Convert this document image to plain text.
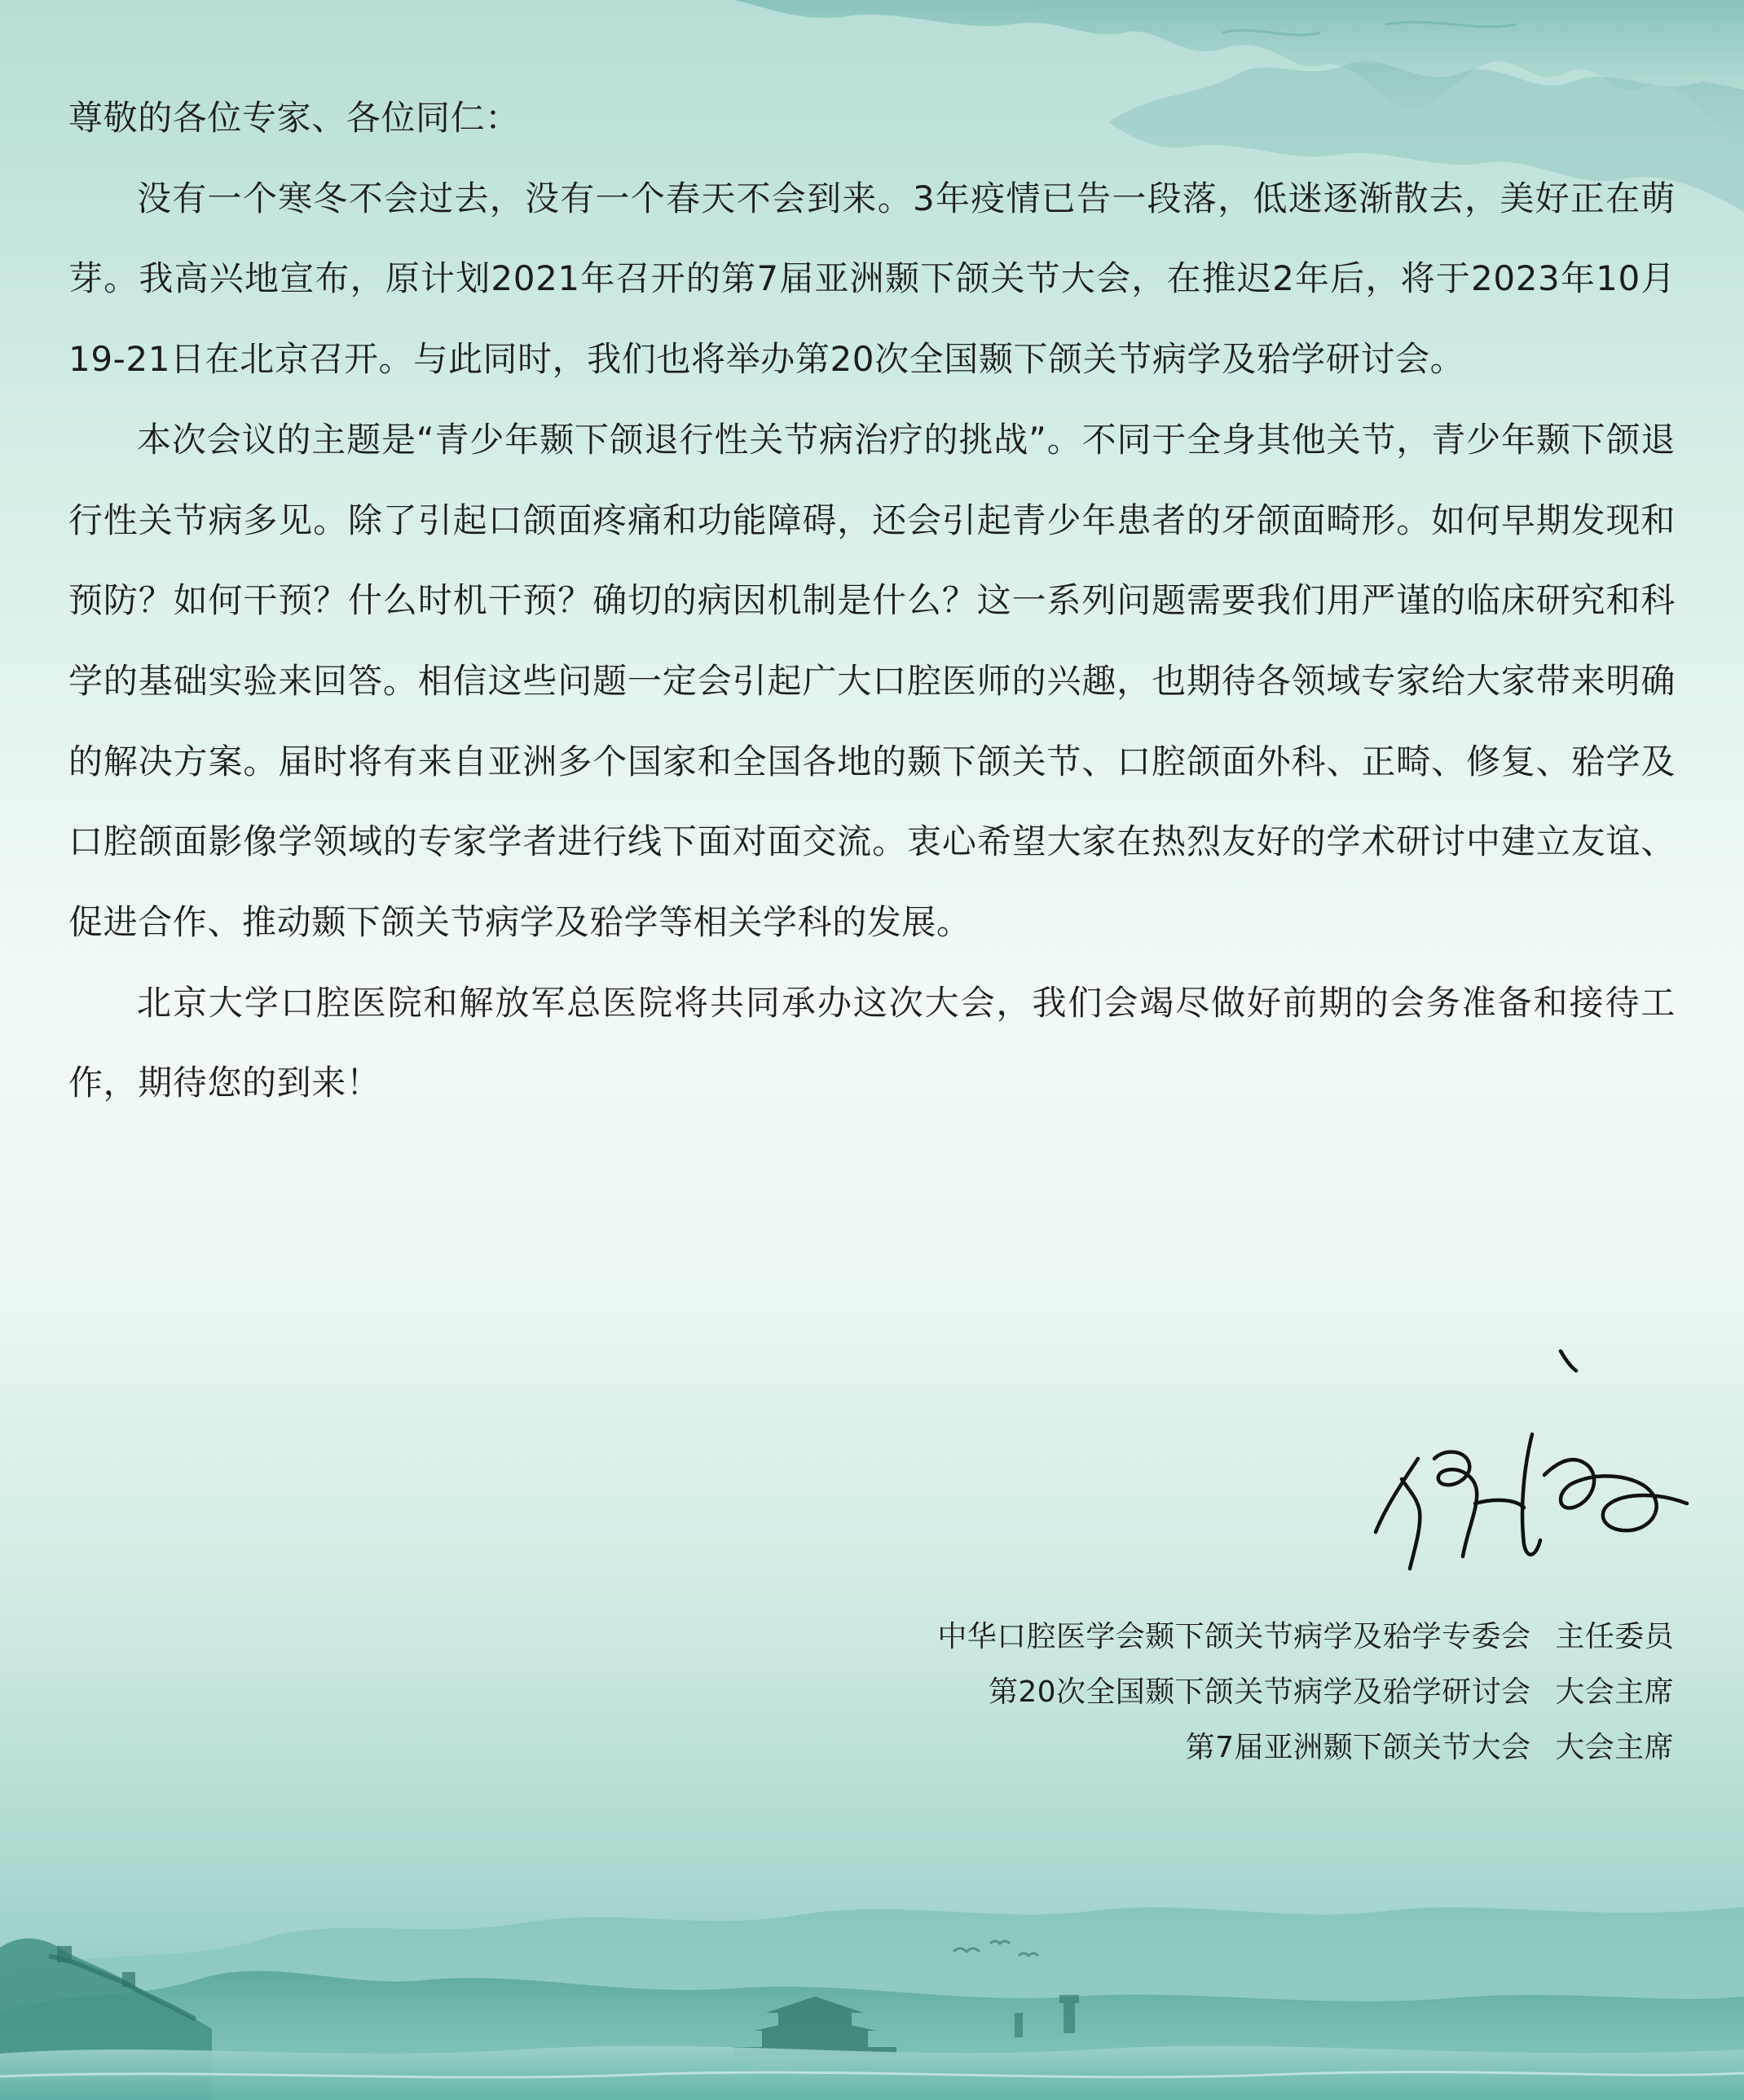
尊敬的各位专家、各位同仁：

没有一个寒冬不会过去，没有一个春天不会到来。3年疫情已告一段落，低迷逐渐散去，美好正在萌芽。我高兴地宣布，原计划2021年召开的第7届亚洲颞下颌关节大会，在推迟2年后，将于2023年10月19-21日在北京召开。与此同时，我们也将举办第20次全国颞下颌关节病学及𬌗学研讨会。

本次会议的主题是“青少年颞下颌退行性关节病治疗的挑战”。不同于全身其他关节，青少年颞下颌退行性关节病多见。除了引起口颌面疼痛和功能障碍，还会引起青少年患者的牙颌面畸形。如何早期发现和预防？如何干预？什么时机干预？确切的病因机制是什么？这一系列问题需要我们用严谨的临床研究和科学的基础实验来回答。相信这些问题一定会引起广大口腔医师的兴趣，也期待各领域专家给大家带来明确的解决方案。届时将有来自亚洲多个国家和全国各地的颞下颌关节、口腔颌面外科、正畸、修复、𬌗学及口腔颌面影像学领域的专家学者进行线下面对面交流。衷心希望大家在热烈友好的学术研讨中建立友谊、促进合作、推动颞下颌关节病学及𬌗学等相关学科的发展。

北京大学口腔医院和解放军总医院将共同承办这次大会，我们会竭尽做好前期的会务准备和接待工作，期待您的到来！

中华口腔医学会颞下颌关节病学及𬌗学专委会 主任委员
第20次全国颞下颌关节病学及𬌗学研讨会 大会主席
第7届亚洲颞下颌关节大会 大会主席
